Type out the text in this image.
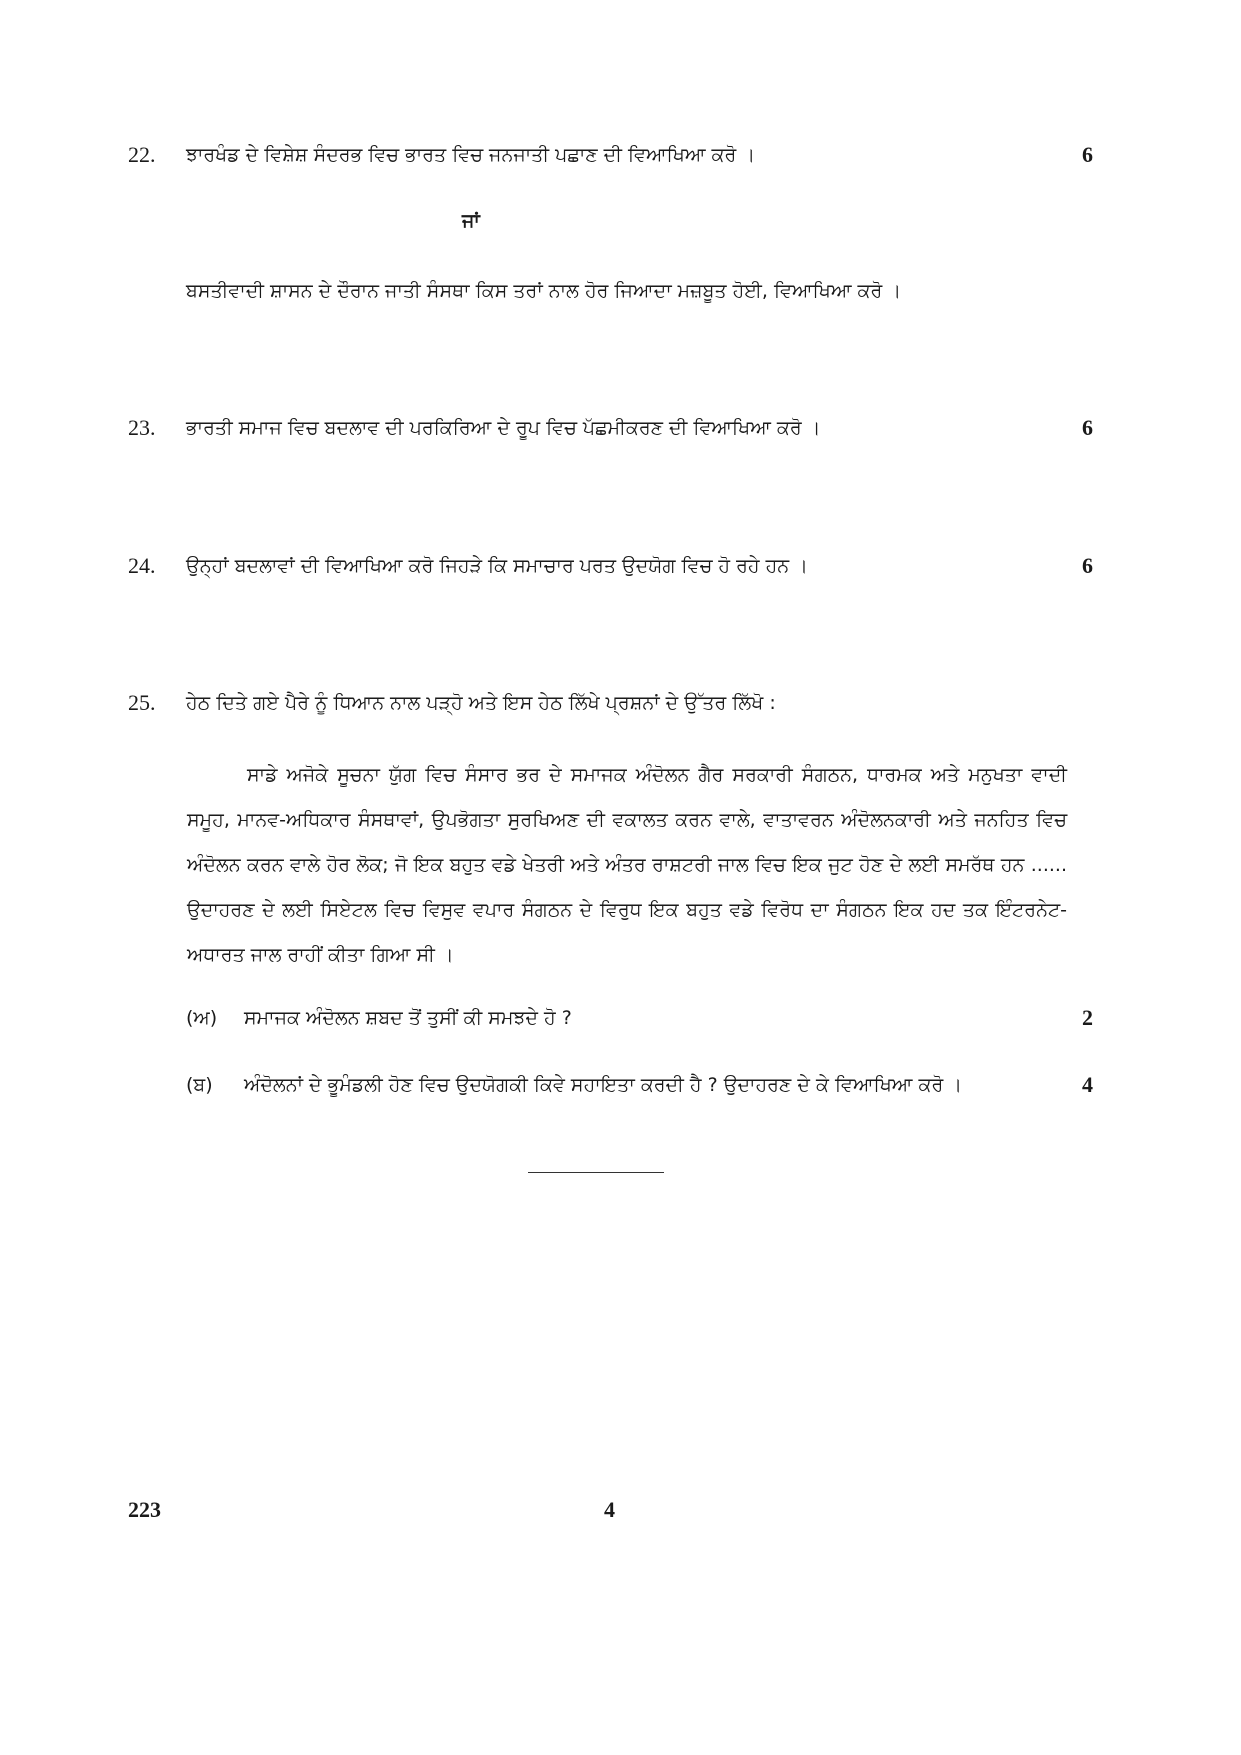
22. ਝਾਰਖੰਡ ਦੇ ਵਿਸ਼ੇਸ਼ ਸੰਦਰਭ ਵਿਚ ਭਾਰਤ ਵਿਚ ਜਨਜਾਤੀ ਪਛਾਣ ਦੀ ਵਿਆਖਿਆ ਕਰੋ ।	6
ਜਾਂ
ਬਸਤੀਵਾਦੀ ਸ਼ਾਸਨ ਦੇ ਦੌਰਾਨ ਜਾਤੀ ਸੰਸਥਾ ਕਿਸ ਤਰਾਂ ਨਾਲ ਹੋਰ ਜਿਆਦਾ ਮਜ਼ਬੂਤ ਹੋਈ, ਵਿਆਖਿਆ ਕਰੋ ।
23. ਭਾਰਤੀ ਸਮਾਜ ਵਿਚ ਬਦਲਾਵ ਦੀ ਪਰਕਿਰਿਆ ਦੇ ਰੂਪ ਵਿਚ ਪੱਛਮੀਕਰਣ ਦੀ ਵਿਆਖਿਆ ਕਰੋ ।	6
24. ਉਨ੍ਹਾਂ ਬਦਲਾਵਾਂ ਦੀ ਵਿਆਖਿਆ ਕਰੋ ਜਿਹੜੇ ਕਿ ਸਮਾਚਾਰ ਪਰਤ ਉਦਯੋਗ ਵਿਚ ਹੋ ਰਹੇ ਹਨ ।	6
25. ਹੇਠ ਦਿਤੇ ਗਏ ਪੈਰੇ ਨੂੰ ਧਿਆਨ ਨਾਲ ਪੜ੍ਹੋ ਅਤੇ ਇਸ ਹੇਠ ਲਿੱਖੇ ਪ੍ਰਸ਼ਨਾਂ ਦੇ ਉੱਤਰ ਲਿੱਖੋ :
ਸਾਡੇ ਅਜੋਕੇ ਸੂਚਨਾ ਯੁੱਗ ਵਿਚ ਸੰਸਾਰ ਭਰ ਦੇ ਸਮਾਜਕ ਅੰਦੋਲਨ ਗੈਰ ਸਰਕਾਰੀ ਸੰਗਠਨ, ਧਾਰਮਕ ਅਤੇ ਮਨੁਖਤਾ ਵਾਦੀ ਸਮੂਹ, ਮਾਨਵ-ਅਧਿਕਾਰ ਸੰਸਥਾਵਾਂ, ਉਪਭੋਗਤਾ ਸੁਰਖਿਅਣ ਦੀ ਵਕਾਲਤ ਕਰਨ ਵਾਲੇ, ਵਾਤਾਵਰਨ ਅੰਦੋਲਨਕਾਰੀ ਅਤੇ ਜਨਹਿਤ ਵਿਚ ਅੰਦੋਲਨ ਕਰਨ ਵਾਲੇ ਹੋਰ ਲੋਕ; ਜੋ ਇਕ ਬਹੁਤ ਵਡੇ ਖੇਤਰੀ ਅਤੇ ਅੰਤਰ ਰਾਸ਼ਟਰੀ ਜਾਲ ਵਿਚ ਇਕ ਜੁਟ ਹੋਣ ਦੇ ਲਈ ਸਮਰੱਥ ਹਨ ...... ਉਦਾਹਰਣ ਦੇ ਲਈ ਸਿਏਟਲ ਵਿਚ ਵਿਸੁਵ ਵਪਾਰ ਸੰਗਠਨ ਦੇ ਵਿਰੁਧ ਇਕ ਬਹੁਤ ਵਡੇ ਵਿਰੋਧ ਦਾ ਸੰਗਠਨ ਇਕ ਹਦ ਤਕ ਇੰਟਰਨੇਟ-ਅਧਾਰਤ ਜਾਲ ਰਾਹੀਂ ਕੀਤਾ ਗਿਆ ਸੀ ।
(ਅ) ਸਮਾਜਕ ਅੰਦੋਲਨ ਸ਼ਬਦ ਤੋਂ ਤੁਸੀਂ ਕੀ ਸਮਝਦੇ ਹੋ ?	2
(ਬ) ਅੰਦੋਲਨਾਂ ਦੇ ਭੂਮੰਡਲੀ ਹੋਣ ਵਿਚ ਉਦਯੋਗਕੀ ਕਿਵੇ ਸਹਾਇਤਾ ਕਰਦੀ ਹੈ ? ਉਦਾਹਰਣ ਦੇ ਕੇ ਵਿਆਖਿਆ ਕਰੋ ।	4
223	4
